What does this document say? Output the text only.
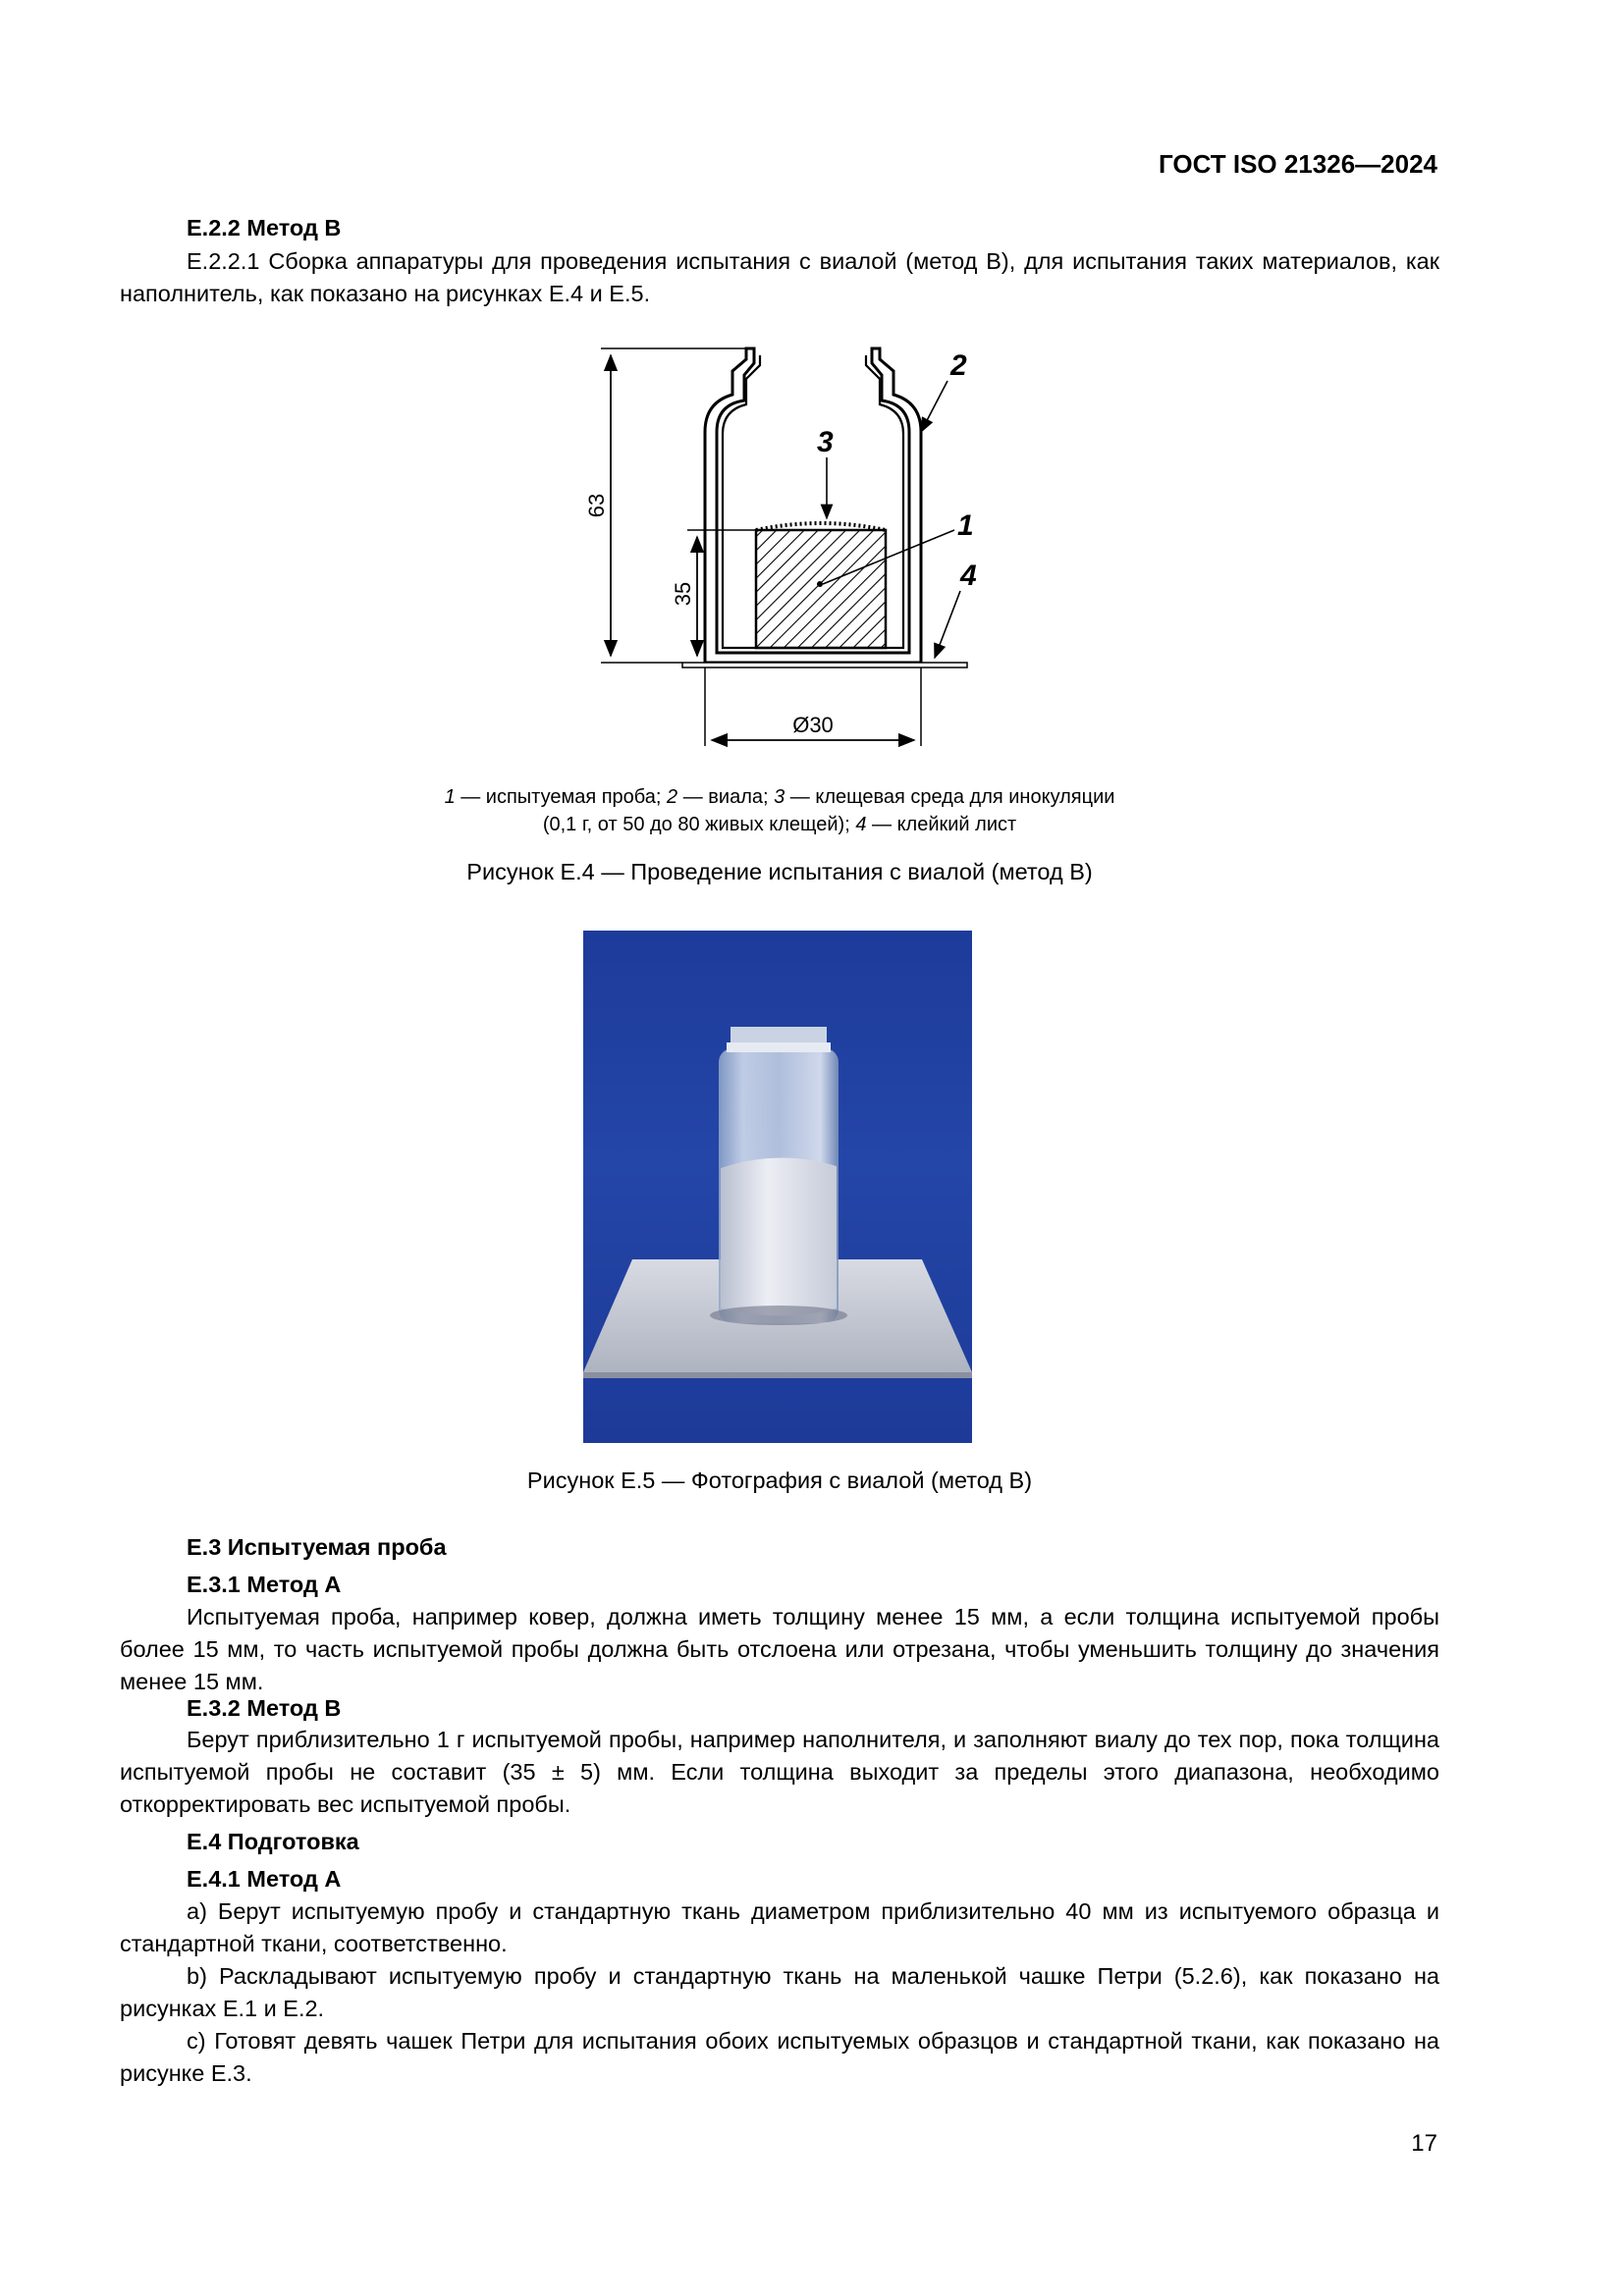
ГОСТ ISO 21326—2024
Е.2.2 Метод В
Е.2.2.1 Сборка аппаратуры для проведения испытания с виалой (метод В), для испытания таких материалов, как наполнитель, как показано на рисунках Е.4 и Е.5.
63
35
Ø30
2
3
1
4
1 — испытуемая проба; 2 — виала; 3 — клещевая среда для инокуляции
(0,1 г, от 50 до 80 живых клещей); 4 — клейкий лист
Рисунок Е.4 — Проведение испытания с виалой (метод В)
Рисунок Е.5 — Фотография с виалой (метод В)
Е.3 Испытуемая проба
Е.3.1 Метод А
Испытуемая проба, например ковер, должна иметь толщину менее 15 мм, а если толщина испытуемой пробы более 15 мм, то часть испытуемой пробы должна быть отслоена или отрезана, чтобы уменьшить толщину до значения менее 15 мм.
Е.3.2 Метод В
Берут приблизительно 1 г испытуемой пробы, например наполнителя, и заполняют виалу до тех пор, пока толщина испытуемой пробы не составит (35 ± 5) мм. Если толщина выходит за пределы этого диапазона, необходимо откорректировать вес испытуемой пробы.
Е.4 Подготовка
Е.4.1 Метод А
a) Берут испытуемую пробу и стандартную ткань диаметром приблизительно 40 мм из испытуемого образца и стандартной ткани, соответственно.
b) Раскладывают испытуемую пробу и стандартную ткань на маленькой чашке Петри (5.2.6), как показано на рисунках Е.1 и Е.2.
c) Готовят девять чашек Петри для испытания обоих испытуемых образцов и стандартной ткани, как показано на рисунке Е.3.
17
